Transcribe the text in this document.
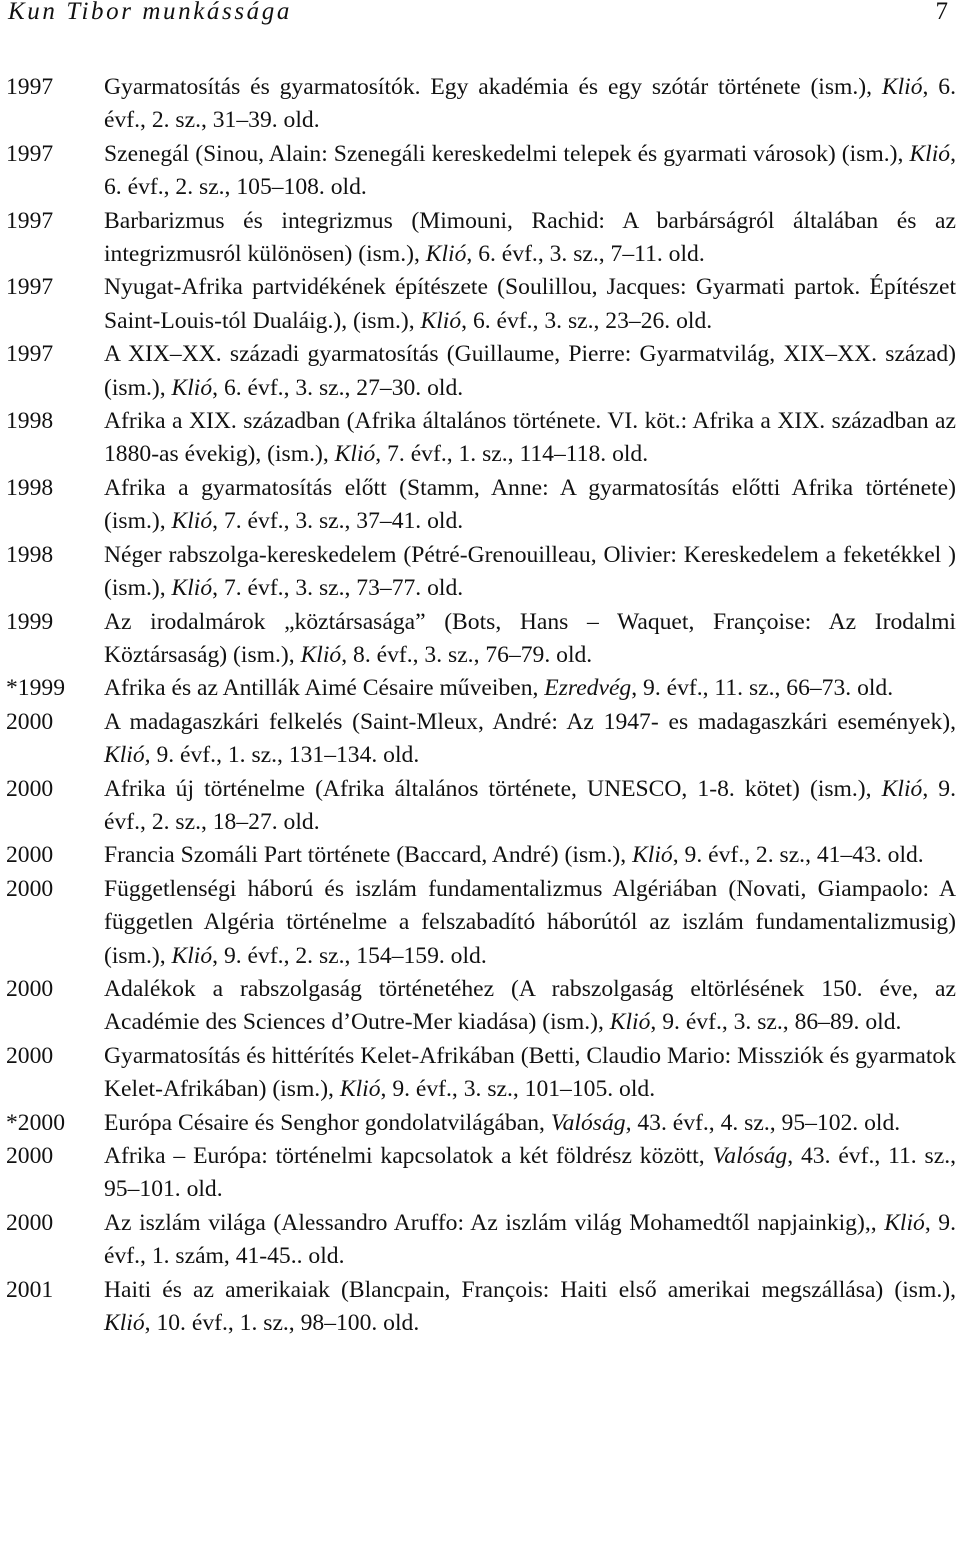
Kun Tibor munkássága	7
1997	Gyarmatosítás és gyarmatosítók. Egy akadémia és egy szótár története (ism.), Klió, 6. évf., 2. sz., 31–39. old.
1997	Szenegál (Sinou, Alain: Szenegáli kereskedelmi telepek és gyarmati városok) (ism.), Klió, 6. évf., 2. sz., 105–108. old.
1997	Barbarizmus és integrizmus (Mimouni, Rachid: A barbárságról általában és az integrizmusról különösen) (ism.), Klió, 6. évf., 3. sz., 7–11. old.
1997	Nyugat-Afrika partvidékének építészete (Soulillou, Jacques: Gyarmati partok. Építészet Saint-Louis-tól Dualáig.), (ism.), Klió, 6. évf., 3. sz., 23–26. old.
1997	A XIX–XX. századi gyarmatosítás (Guillaume, Pierre: Gyarmatvilág, XIX–XX. század) (ism.), Klió, 6. évf., 3. sz., 27–30. old.
1998	Afrika a XIX. században (Afrika általános története. VI. köt.: Afrika a XIX. században az 1880-as évekig), (ism.), Klió, 7. évf., 1. sz., 114–118. old.
1998	Afrika a gyarmatosítás előtt (Stamm, Anne: A gyarmatosítás előtti Afrika története) (ism.), Klió, 7. évf., 3. sz., 37–41. old.
1998	Néger rabszolga-kereskedelem (Pétré-Grenouilleau, Olivier: Kereskedelem a feketékkel ) (ism.), Klió, 7. évf., 3. sz., 73–77. old.
1999	Az irodalmárok „köztársasága” (Bots, Hans – Waquet, Françoise: Az Irodalmi Köztársaság) (ism.), Klió, 8. évf., 3. sz., 76–79. old.
*1999	Afrika és az Antillák Aimé Césaire műveiben, Ezredvég, 9. évf., 11. sz., 66–73. old.
2000	A madagaszkári felkelés (Saint-Mleux, André: Az 1947- es madagaszkári események), Klió, 9. évf., 1. sz., 131–134. old.
2000	Afrika új történelme (Afrika általános története, UNESCO, 1-8. kötet) (ism.), Klió, 9. évf., 2. sz., 18–27. old.
2000	Francia Szomáli Part története (Baccard, André) (ism.), Klió, 9. évf., 2. sz., 41–43. old.
2000	Függetlenségi háború és iszlám fundamentalizmus Algériában (Novati, Giampaolo: A független Algéria történelme a felszabadító háborútól az iszlám fundamentalizmusig) (ism.), Klió, 9. évf., 2. sz., 154–159. old.
2000	Adalékok a rabszolgaság történetéhez (A rabszolgaság eltörlésének 150. éve, az Académie des Sciences d’Outre-Mer kiadása) (ism.), Klió, 9. évf., 3. sz., 86–89. old.
2000	Gyarmatosítás és hittérítés Kelet-Afrikában (Betti, Claudio Mario: Missziók és gyarmatok Kelet-Afrikában) (ism.), Klió, 9. évf., 3. sz., 101–105. old.
*2000	Európa Césaire és Senghor gondolatvilágában, Valóság, 43. évf., 4. sz., 95–102. old.
2000	Afrika – Európa: történelmi kapcsolatok a két földrész között, Valóság, 43. évf., 11. sz., 95–101. old.
2000	Az iszlám világa (Alessandro Aruffo: Az iszlám világ Mohamedtől napjainkig),, Klió, 9. évf., 1. szám, 41-45.. old.
2001	Haiti és az amerikaiak (Blancpain, François: Haiti első amerikai megszállása) (ism.), Klió, 10. évf., 1. sz., 98–100. old.
